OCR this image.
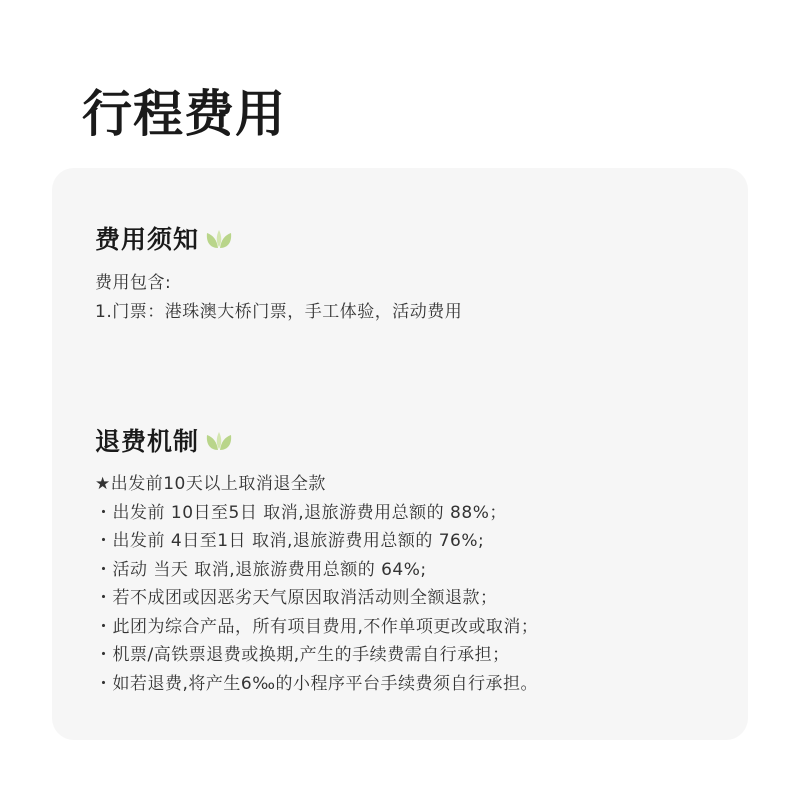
行程费用
费用须知
费用包含:
1.门票：港珠澳大桥门票，手工体验，活动费用
退费机制
★出发前10天以上取消退全款
・出发前 10日至5日 取消,退旅游费用总额的 88%；
・出发前 4日至1日 取消,退旅游费用总额的 76%;
・活动 当天 取消,退旅游费用总额的 64%;
・若不成团或因恶劣天气原因取消活动则全额退款；
・此团为综合产品，所有项目费用,不作单项更改或取消；
・机票/高铁票退费或换期,产生的手续费需自行承担；
・如若退费,将产生6‰的小程序平台手续费须自行承担。
